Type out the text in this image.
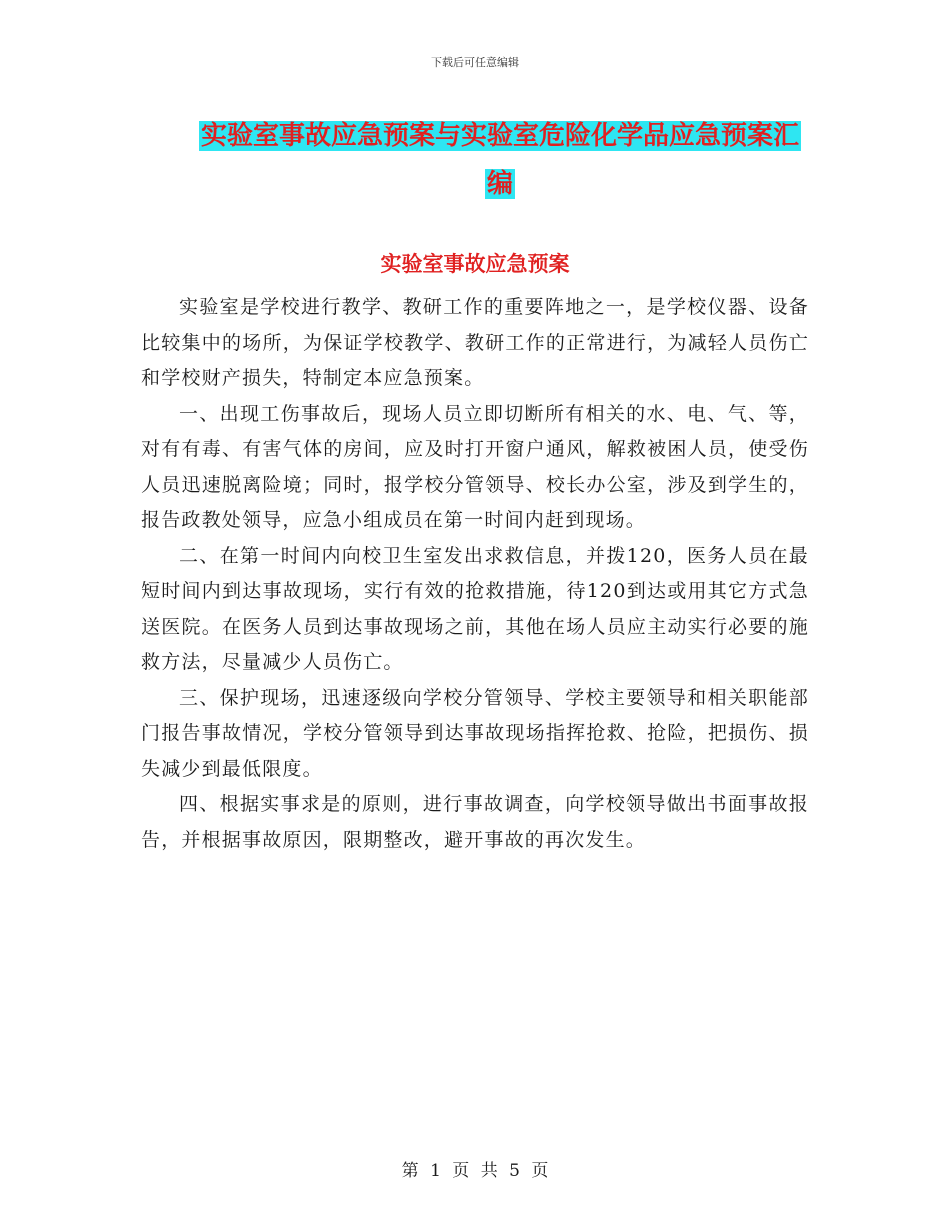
下载后可任意编辑
实验室事故应急预案与实验室危险化学品应急预案汇
编
实验室事故应急预案

实验室是学校进行教学、教研工作的重要阵地之一，是学校仪器、设备比较集中的场所，为保证学校教学、教研工作的正常进行，为减轻人员伤亡和学校财产损失，特制定本应急预案。

一、出现工伤事故后，现场人员立即切断所有相关的水、电、气、等，对有有毒、有害气体的房间，应及时打开窗户通风，解救被困人员，使受伤人员迅速脱离险境；同时，报学校分管领导、校长办公室，涉及到学生的，报告政教处领导，应急小组成员在第一时间内赶到现场。

二、在第一时间内向校卫生室发出求救信息，并拨120，医务人员在最短时间内到达事故现场，实行有效的抢救措施，待120到达或用其它方式急送医院。在医务人员到达事故现场之前，其他在场人员应主动实行必要的施救方法，尽量减少人员伤亡。

三、保护现场，迅速逐级向学校分管领导、学校主要领导和相关职能部门报告事故情况，学校分管领导到达事故现场指挥抢救、抢险，把损伤、损失减少到最低限度。

四、根据实事求是的原则，进行事故调查，向学校领导做出书面事故报告，并根据事故原因，限期整改，避开事故的再次发生。

第 1 页 共 5 页
